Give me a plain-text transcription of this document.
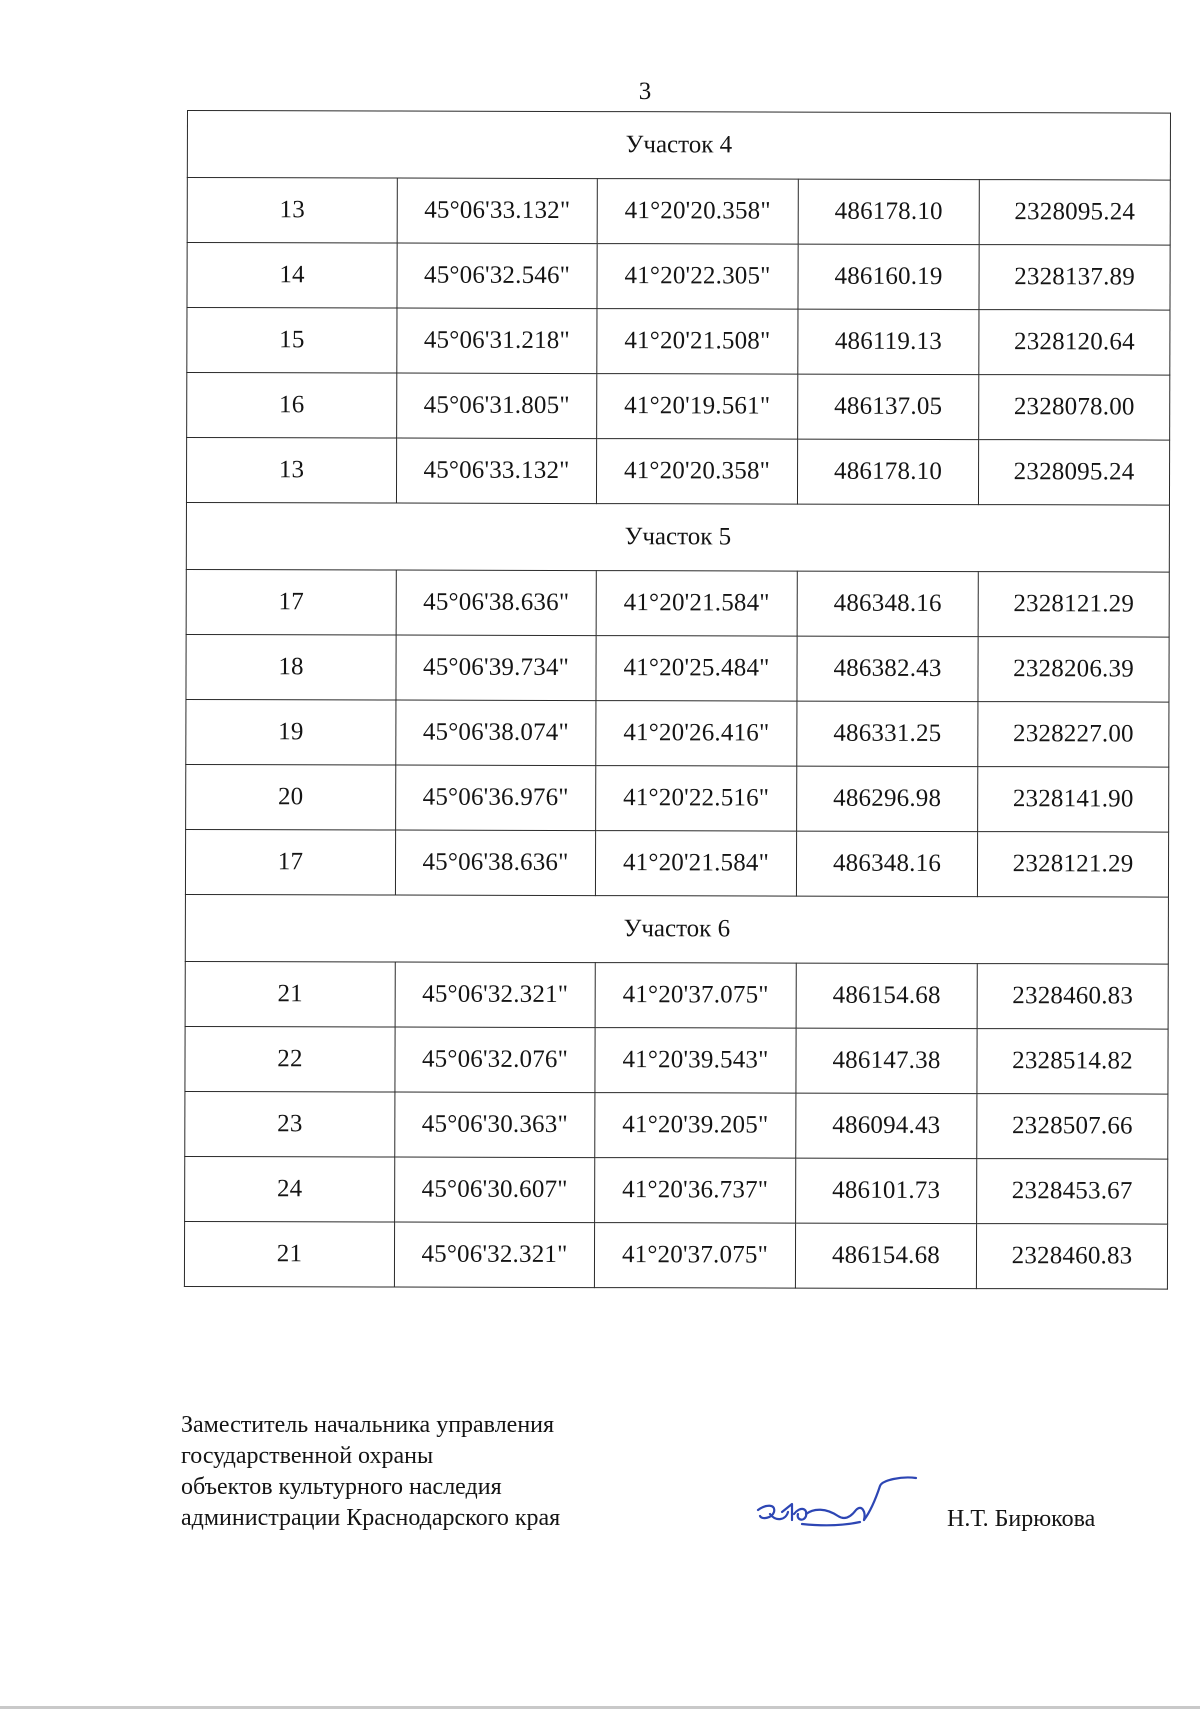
3
Участок 4				
13	45°06'33.132"	41°20'20.358"	486178.10	2328095.24
14	45°06'32.546"	41°20'22.305"	486160.19	2328137.89
15	45°06'31.218"	41°20'21.508"	486119.13	2328120.64
16	45°06'31.805"	41°20'19.561"	486137.05	2328078.00
13	45°06'33.132"	41°20'20.358"	486178.10	2328095.24
Участок 5				
17	45°06'38.636"	41°20'21.584"	486348.16	2328121.29
18	45°06'39.734"	41°20'25.484"	486382.43	2328206.39
19	45°06'38.074"	41°20'26.416"	486331.25	2328227.00
20	45°06'36.976"	41°20'22.516"	486296.98	2328141.90
17	45°06'38.636"	41°20'21.584"	486348.16	2328121.29
Участок 6				
21	45°06'32.321"	41°20'37.075"	486154.68	2328460.83
22	45°06'32.076"	41°20'39.543"	486147.38	2328514.82
23	45°06'30.363"	41°20'39.205"	486094.43	2328507.66
24	45°06'30.607"	41°20'36.737"	486101.73	2328453.67
21	45°06'32.321"	41°20'37.075"	486154.68	2328460.83
Заместитель начальника управления
государственной охраны
объектов культурного наследия
администрации Краснодарского края	Н.Т. Бирюкова
